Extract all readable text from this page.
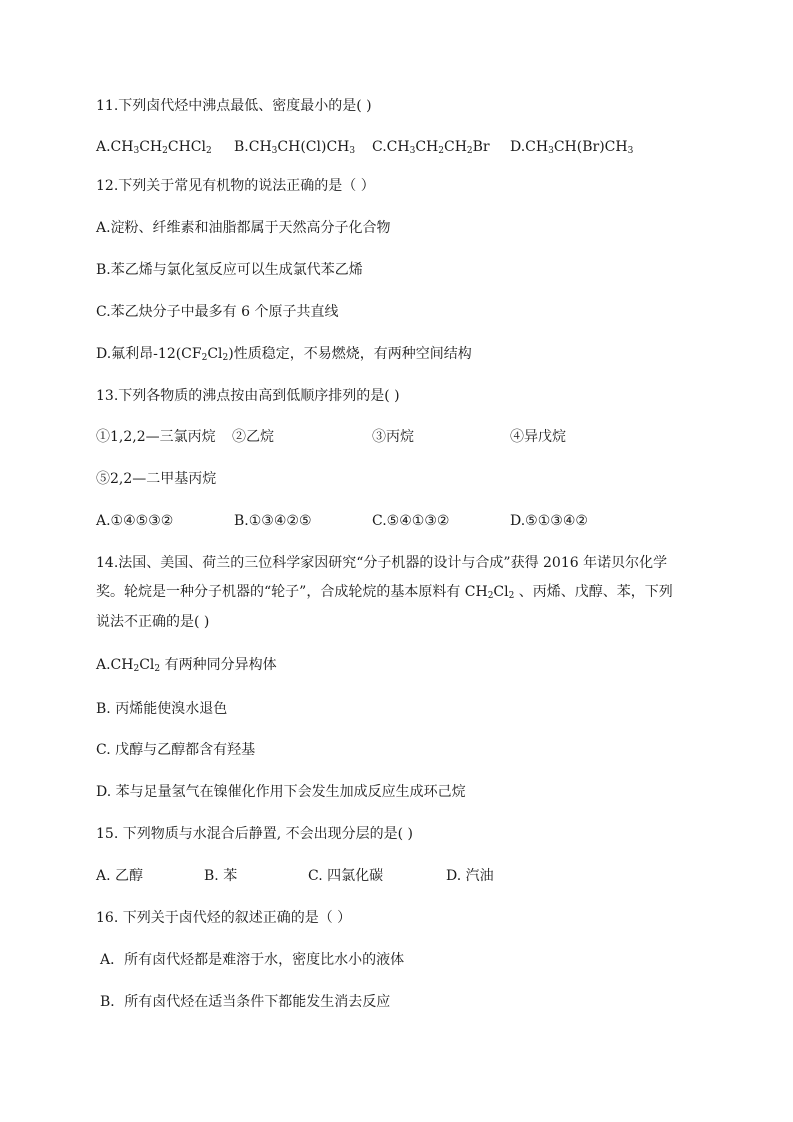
11.下列卤代烃中沸点最低、密度最小的是( )
$A.CH_3CH_2CHCl_2$ $B.CH_3CH(Cl)CH_3$ $C.CH_3CH_2CH_2Br$ $D.CH_3CH(Br)CH_3$
12.下列关于常见有机物的说法正确的是（ ）
A.淀粉、纤维素和油脂都属于天然高分子化合物
B.苯乙烯与氯化氢反应可以生成氯代苯乙烯
C.苯乙炔分子中最多有 6 个原子共直线
D.氟利昂$-12(CF_2Cl_2)$性质稳定，不易燃烧，有两种空间结构
13.下列各物质的沸点按由高到低顺序排列的是( )
①1,2,2—三氯丙烷 ②乙烷	③丙烷	④异戊烷
⑤2,2—二甲基丙烷
A.①④⑤③②	B.①③④②⑤	C.⑤④①③②	D.⑤①③④②
14.法国、美国、荷兰的三位科学家因研究“分子机器的设计与合成”获得 2016 年诺贝尔化学
奖。轮烷是一种分子机器的“轮子”，合成轮烷的基本原料有 $CH_2Cl_2$ 、丙烯、戊醇、苯，下列
说法不正确的是( )
$A.CH_2Cl_2$ 有两种同分异构体
B. 丙烯能使溴水退色
C. 戊醇与乙醇都含有羟基
D. 苯与足量氢气在镍催化作用下会发生加成反应生成环己烷
15. 下列物质与水混合后静置, 不会出现分层的是( )
A. 乙醇	B. 苯	C. 四氯化碳	D. 汽油
16. 下列关于卤代烃的叙述正确的是（ ）
A．所有卤代烃都是难溶于水，密度比水小的液体
B．所有卤代烃在适当条件下都能发生消去反应
